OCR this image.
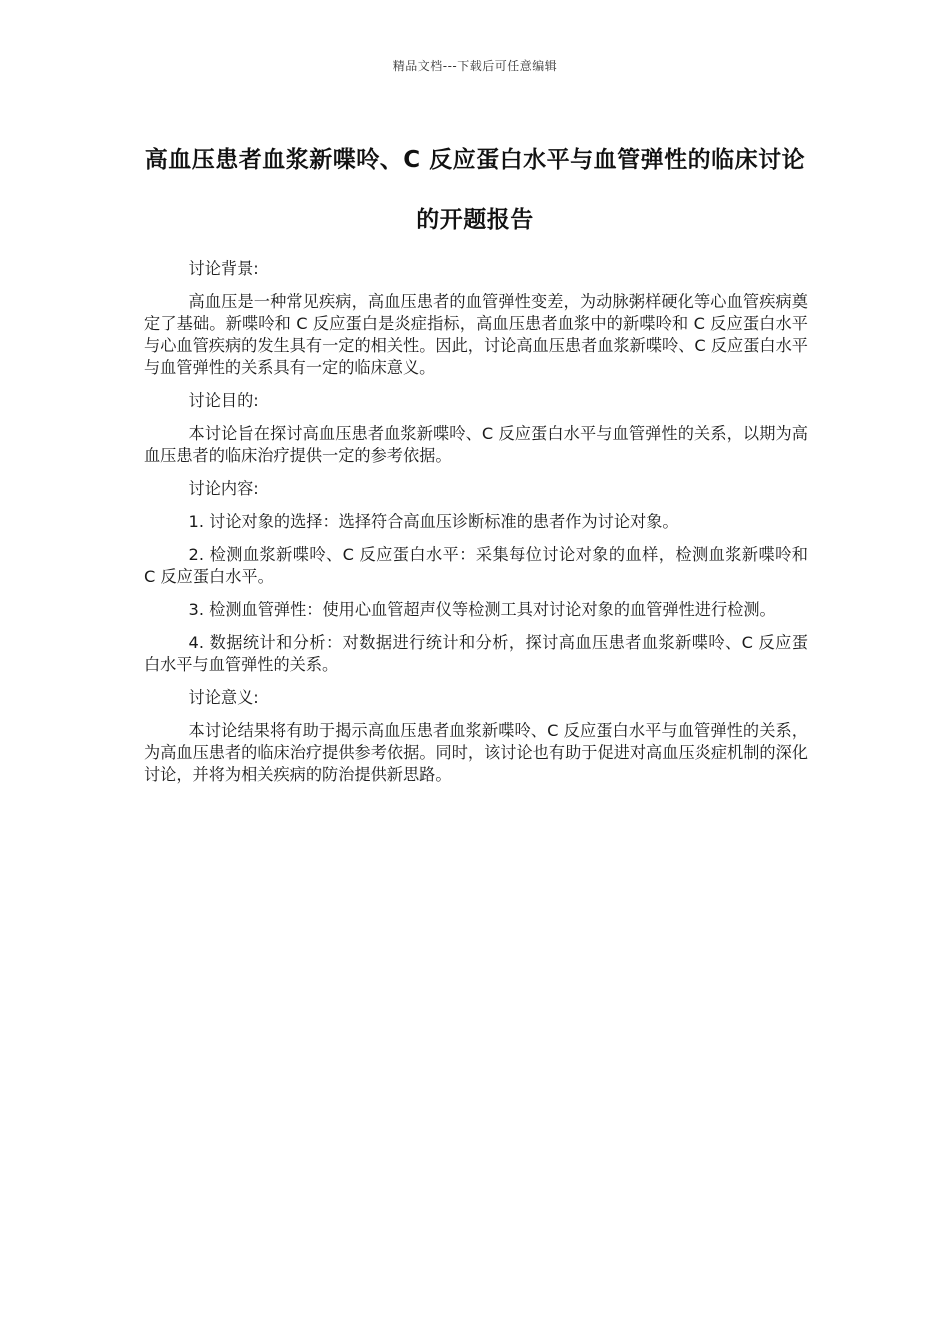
精品文档---下载后可任意编辑
高血压患者血浆新喋呤、C 反应蛋白水平与血管弹性的临床讨论的开题报告

讨论背景:

高血压是一种常见疾病，高血压患者的血管弹性变差，为动脉粥样硬化等心血管疾病奠定了基础。新喋呤和 C 反应蛋白是炎症指标，高血压患者血浆中的新喋呤和 C 反应蛋白水平与心血管疾病的发生具有一定的相关性。因此，讨论高血压患者血浆新喋呤、C 反应蛋白水平与血管弹性的关系具有一定的临床意义。

讨论目的:

本讨论旨在探讨高血压患者血浆新喋呤、C 反应蛋白水平与血管弹性的关系，以期为高血压患者的临床治疗提供一定的参考依据。

讨论内容:

1. 讨论对象的选择：选择符合高血压诊断标准的患者作为讨论对象。

2. 检测血浆新喋呤、C 反应蛋白水平：采集每位讨论对象的血样，检测血浆新喋呤和 C 反应蛋白水平。

3. 检测血管弹性：使用心血管超声仪等检测工具对讨论对象的血管弹性进行检测。

4. 数据统计和分析：对数据进行统计和分析，探讨高血压患者血浆新喋呤、C 反应蛋白水平与血管弹性的关系。

讨论意义:

本讨论结果将有助于揭示高血压患者血浆新喋呤、C 反应蛋白水平与血管弹性的关系，为高血压患者的临床治疗提供参考依据。同时，该讨论也有助于促进对高血压炎症机制的深化讨论，并将为相关疾病的防治提供新思路。
